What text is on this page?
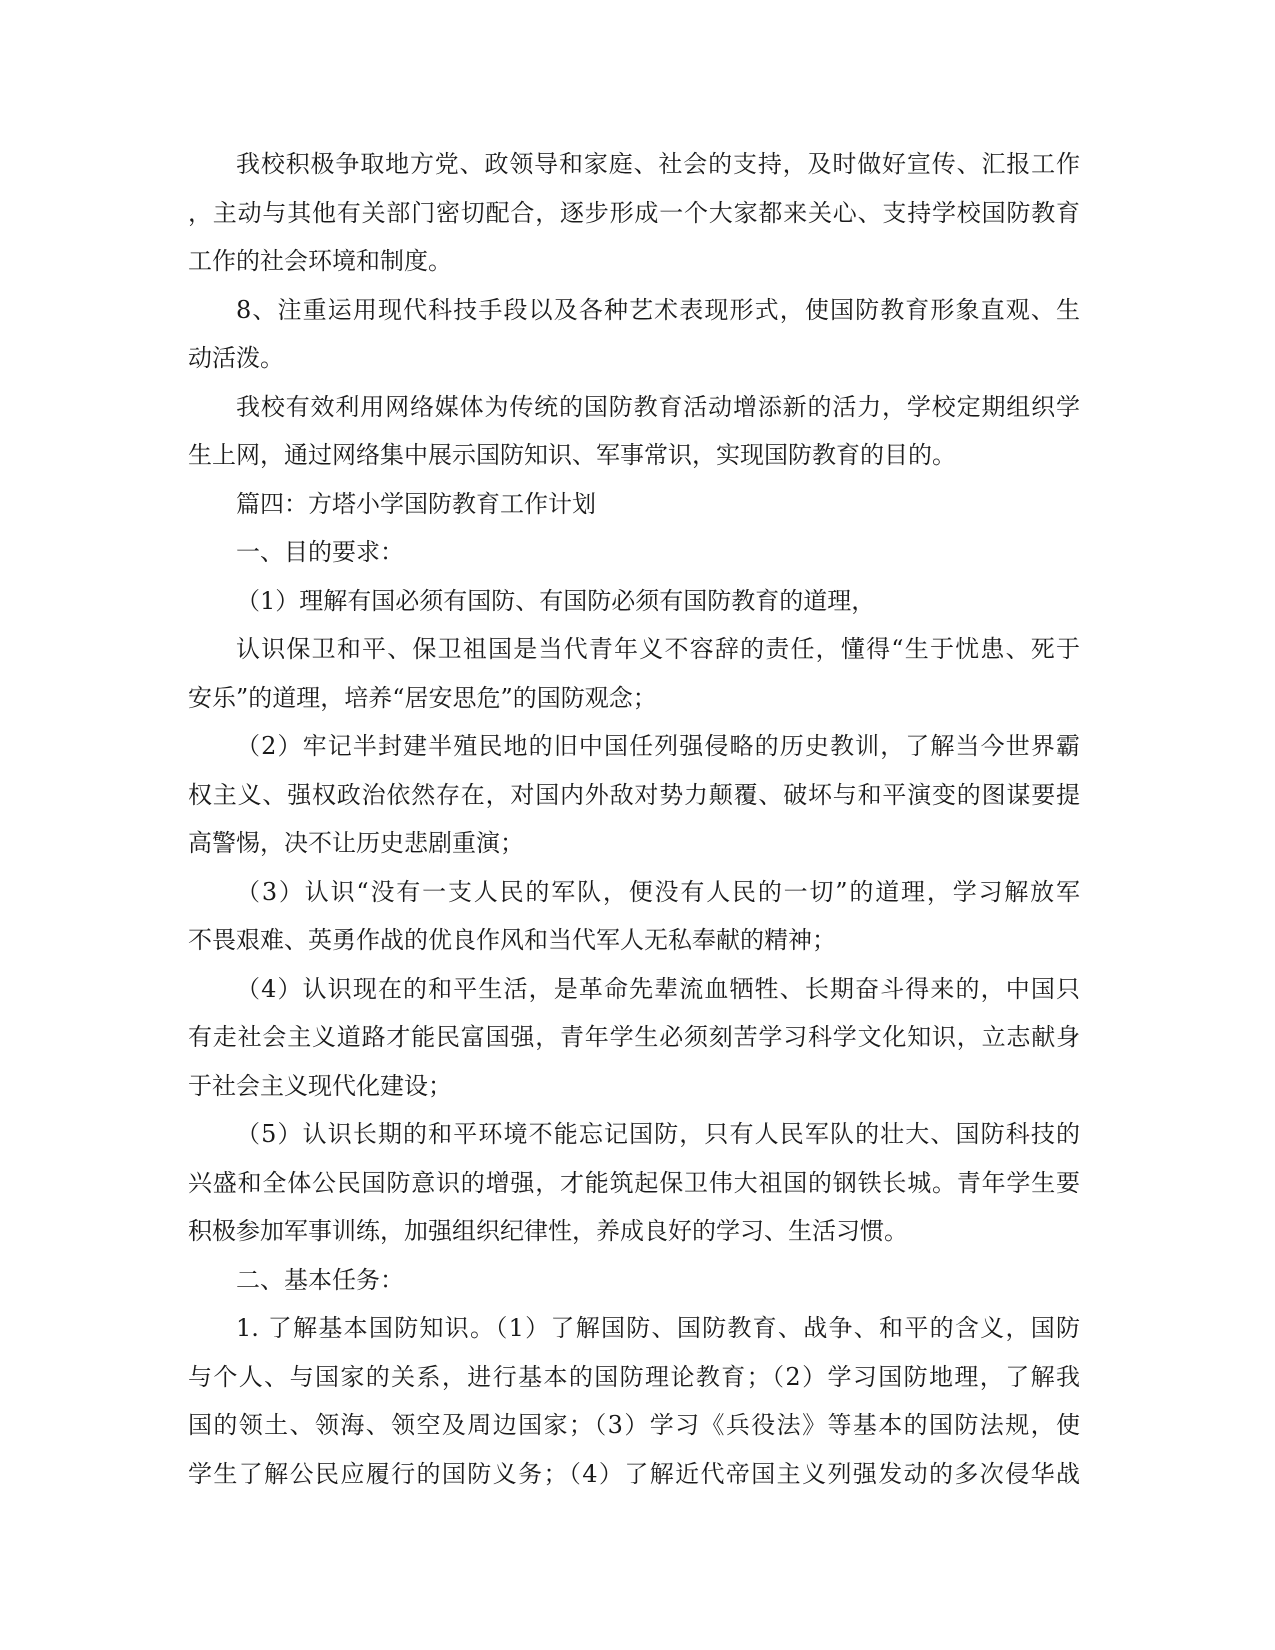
我校积极争取地方党、政领导和家庭、社会的支持，及时做好宣传、汇报工作
，主动与其他有关部门密切配合，逐步形成一个大家都来关心、支持学校国防教育
工作的社会环境和制度。
8、注重运用现代科技手段以及各种艺术表现形式，使国防教育形象直观、生
动活泼。
我校有效利用网络媒体为传统的国防教育活动增添新的活力，学校定期组织学
生上网，通过网络集中展示国防知识、军事常识，实现国防教育的目的。
篇四：方塔小学国防教育工作计划
一、目的要求：
（1）理解有国必须有国防、有国防必须有国防教育的道理，
认识保卫和平、保卫祖国是当代青年义不容辞的责任，懂得“生于忧患、死于
安乐”的道理，培养“居安思危”的国防观念；
（2）牢记半封建半殖民地的旧中国任列强侵略的历史教训，了解当今世界霸
权主义、强权政治依然存在，对国内外敌对势力颠覆、破坏与和平演变的图谋要提
高警惕，决不让历史悲剧重演；
（3）认识“没有一支人民的军队，便没有人民的一切”的道理，学习解放军
不畏艰难、英勇作战的优良作风和当代军人无私奉献的精神；
（4）认识现在的和平生活，是革命先辈流血牺牲、长期奋斗得来的，中国只
有走社会主义道路才能民富国强，青年学生必须刻苦学习科学文化知识，立志献身
于社会主义现代化建设；
（5）认识长期的和平环境不能忘记国防，只有人民军队的壮大、国防科技的
兴盛和全体公民国防意识的增强，才能筑起保卫伟大祖国的钢铁长城。青年学生要
积极参加军事训练，加强组织纪律性，养成良好的学习、生活习惯。
二、基本任务：
1. 了解基本国防知识。（1）了解国防、国防教育、战争、和平的含义，国防
与个人、与国家的关系，进行基本的国防理论教育；（2）学习国防地理，了解我
国的领土、领海、领空及周边国家；（3）学习《兵役法》等基本的国防法规，使
学生了解公民应履行的国防义务；（4）了解近代帝国主义列强发动的多次侵华战
